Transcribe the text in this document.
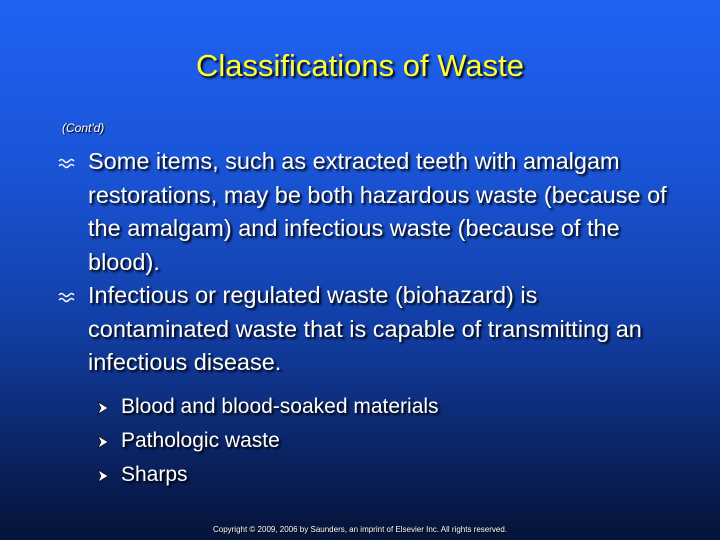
Classifications of Waste
(Cont'd)
Some items, such as extracted teeth with amalgam restorations, may be both hazardous waste (because of the amalgam) and infectious waste (because of the blood).
Infectious or regulated waste (biohazard) is contaminated waste that is capable of transmitting an infectious disease.
Blood and blood-soaked materials
Pathologic waste
Sharps
Copyright © 2009, 2006 by Saunders, an imprint of Elsevier Inc. All rights reserved.
